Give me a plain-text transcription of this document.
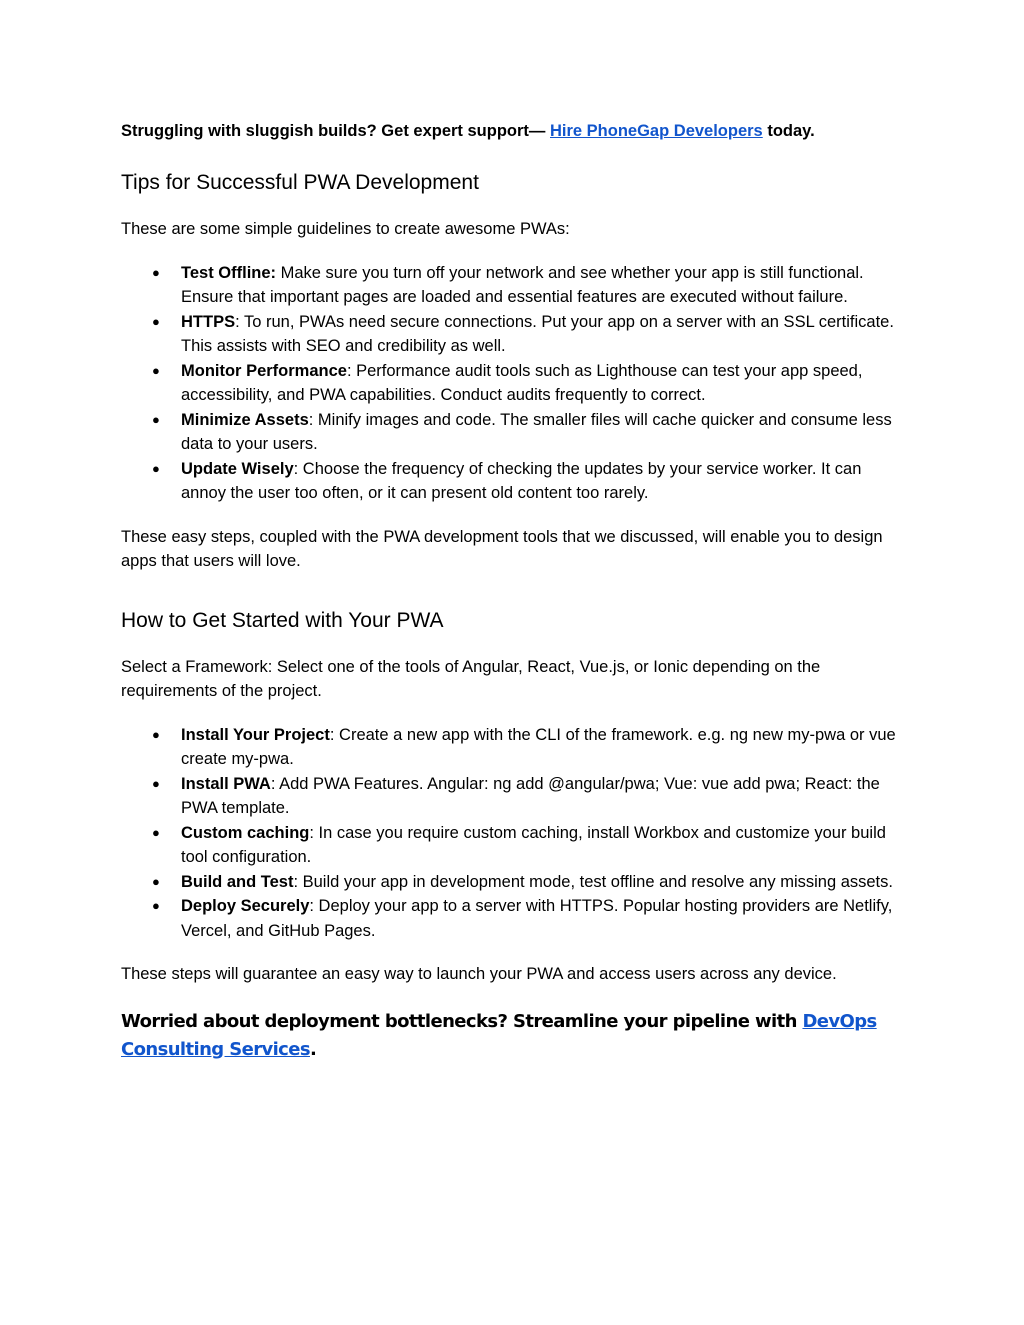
Struggling with sluggish builds? Get expert support— Hire PhoneGap Developers today.

Tips for Successful PWA Development

These are some simple guidelines to create awesome PWAs:

● Test Offline: Make sure you turn off your network and see whether your app is still functional. Ensure that important pages are loaded and essential features are executed without failure.
● HTTPS: To run, PWAs need secure connections. Put your app on a server with an SSL certificate. This assists with SEO and credibility as well.
● Monitor Performance: Performance audit tools such as Lighthouse can test your app speed, accessibility, and PWA capabilities. Conduct audits frequently to correct.
● Minimize Assets: Minify images and code. The smaller files will cache quicker and consume less data to your users.
● Update Wisely: Choose the frequency of checking the updates by your service worker. It can annoy the user too often, or it can present old content too rarely.

These easy steps, coupled with the PWA development tools that we discussed, will enable you to design apps that users will love.

How to Get Started with Your PWA

Select a Framework: Select one of the tools of Angular, React, Vue.js, or Ionic depending on the requirements of the project.

● Install Your Project: Create a new app with the CLI of the framework. e.g. ng new my-pwa or vue create my-pwa.
● Install PWA: Add PWA Features. Angular: ng add @angular/pwa; Vue: vue add pwa; React: the PWA template.
● Custom caching: In case you require custom caching, install Workbox and customize your build tool configuration.
● Build and Test: Build your app in development mode, test offline and resolve any missing assets.
● Deploy Securely: Deploy your app to a server with HTTPS. Popular hosting providers are Netlify, Vercel, and GitHub Pages.

These steps will guarantee an easy way to launch your PWA and access users across any device.

Worried about deployment bottlenecks? Streamline your pipeline with DevOps Consulting Services.
